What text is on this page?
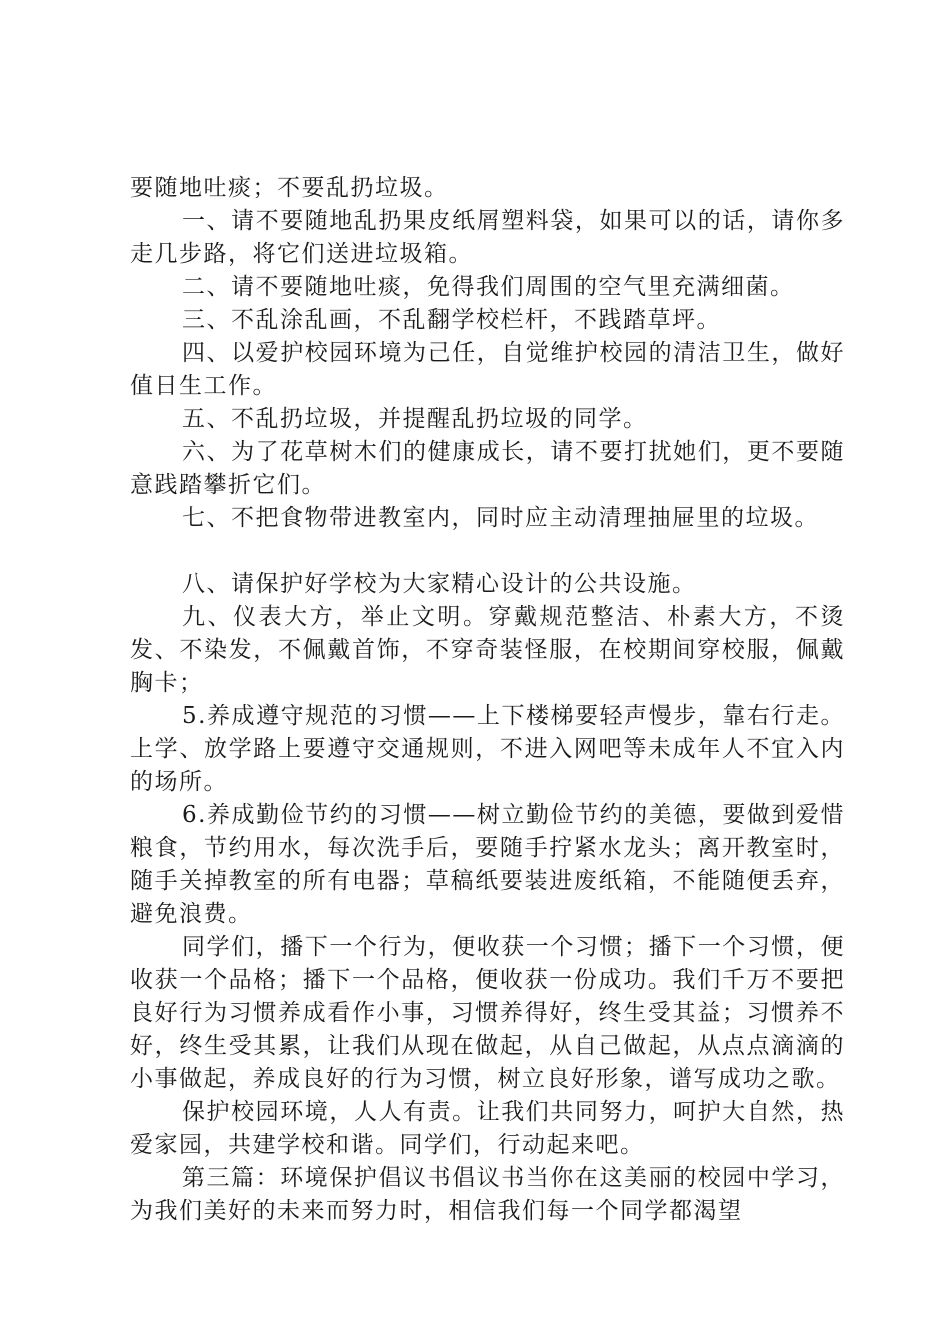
要随地吐痰；不要乱扔垃圾。

一、请不要随地乱扔果皮纸屑塑料袋，如果可以的话，请你多走几步路，将它们送进垃圾箱。

二、请不要随地吐痰，免得我们周围的空气里充满细菌。

三、不乱涂乱画，不乱翻学校栏杆，不践踏草坪。

四、以爱护校园环境为己任，自觉维护校园的清洁卫生，做好值日生工作。

五、不乱扔垃圾，并提醒乱扔垃圾的同学。

六、为了花草树木们的健康成长，请不要打扰她们，更不要随意践踏攀折它们。

七、不把食物带进教室内，同时应主动清理抽屉里的垃圾。

八、请保护好学校为大家精心设计的公共设施。

九、仪表大方，举止文明。穿戴规范整洁、朴素大方，不烫发、不染发，不佩戴首饰，不穿奇装怪服，在校期间穿校服，佩戴胸卡；

5.养成遵守规范的习惯——上下楼梯要轻声慢步，靠右行走。上学、放学路上要遵守交通规则，不进入网吧等未成年人不宜入内的场所。

6.养成勤俭节约的习惯——树立勤俭节约的美德，要做到爱惜粮食，节约用水，每次洗手后，要随手拧紧水龙头；离开教室时，随手关掉教室的所有电器；草稿纸要装进废纸箱，不能随便丢弃，避免浪费。

同学们，播下一个行为，便收获一个习惯；播下一个习惯，便收获一个品格；播下一个品格，便收获一份成功。我们千万不要把良好行为习惯养成看作小事，习惯养得好，终生受其益；习惯养不好，终生受其累，让我们从现在做起，从自己做起，从点点滴滴的小事做起，养成良好的行为习惯，树立良好形象，谱写成功之歌。

保护校园环境，人人有责。让我们共同努力，呵护大自然，热爱家园，共建学校和谐。同学们，行动起来吧。

第三篇：环境保护倡议书倡议书当你在这美丽的校园中学习，为我们美好的未来而努力时，相信我们每一个同学都渴望
